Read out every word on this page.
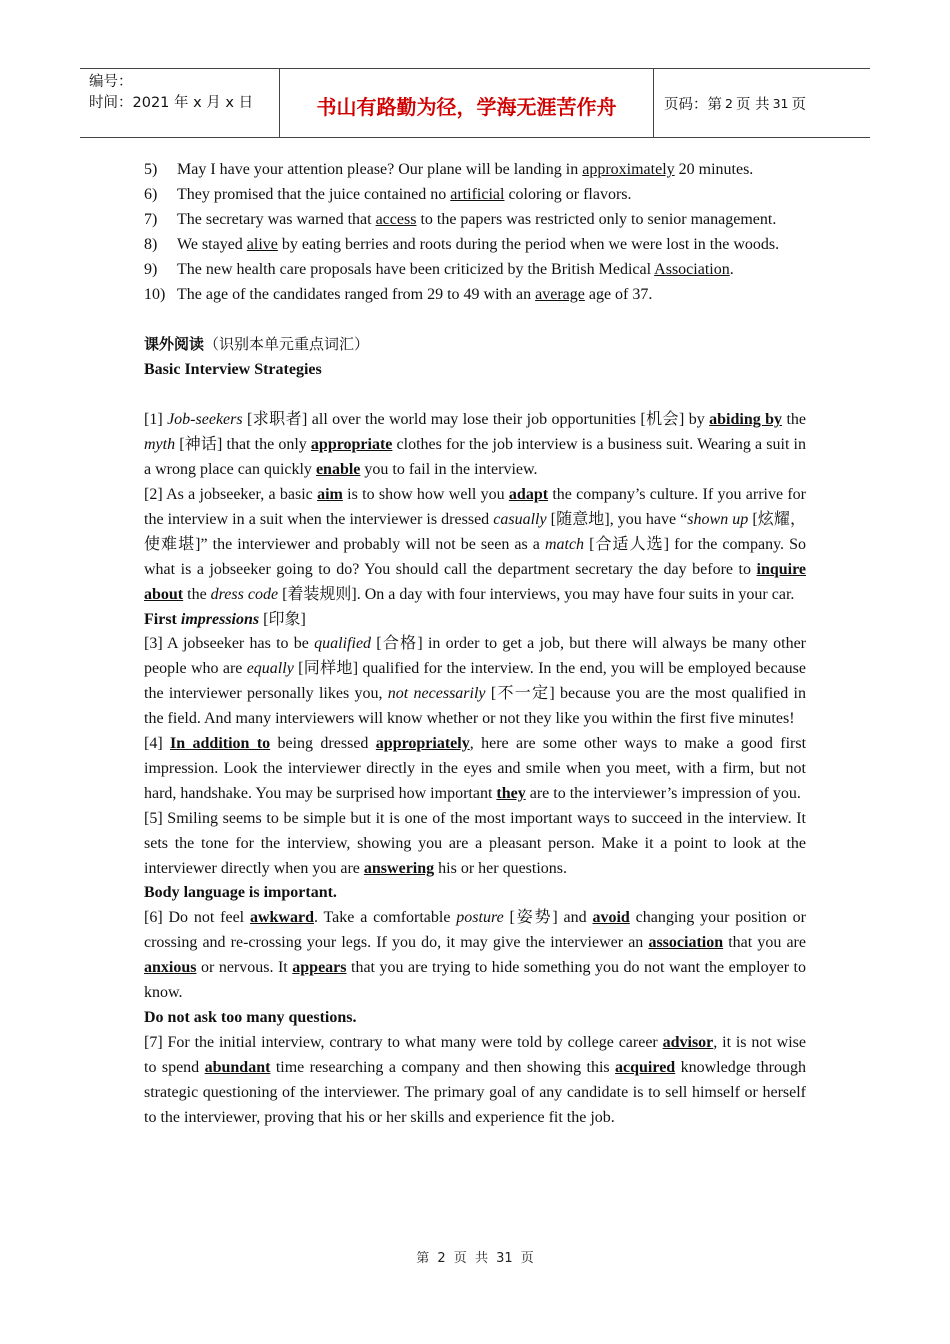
编号：
时间：2021 年 x 月 x 日	书山有路勤为径，学海无涯苦作舟	页码：第 2 页 共 31 页
5)	May I have your attention please? Our plane will be landing in approximately 20 minutes.
6)	They promised that the juice contained no artificial coloring or flavors.
7)	The secretary was warned that access to the papers was restricted only to senior management.
8) We stayed alive by eating berries and roots during the period when we were lost in the woods.
9)	The new health care proposals have been criticized by the British Medical Association.
10) The age of the candidates ranged from 29 to 49 with an average age of 37.

课外阅读（识别本单元重点词汇）

Basic Interview Strategies

[1] Job-seekers [求职者] all over the world may lose their job opportunities [机会] by abiding by the myth [神话] that the only appropriate clothes for the job interview is a business suit. Wearing a suit in a wrong place can quickly enable you to fail in the interview.

[2] As a jobseeker, a basic aim is to show how well you adapt the company’s culture. If you arrive for the interview in a suit when the interviewer is dressed casually [随意地], you have “shown up [炫耀，使难堪]” the interviewer and probably will not be seen as a match [合适人选] for the company. So what is a jobseeker going to do? You should call the department secretary the day before to inquire about the dress code [着装规则]. On a day with four interviews, you may have four suits in your car.

First impressions [印象]

[3] A jobseeker has to be qualified [合格] in order to get a job, but there will always be many other people who are equally [同样地] qualified for the interview. In the end, you will be employed because the interviewer personally likes you, not necessarily [不一定] because you are the most qualified in the field. And many interviewers will know whether or not they like you within the first five minutes!

[4] In addition to being dressed appropriately, here are some other ways to make a good first impression. Look the interviewer directly in the eyes and smile when you meet, with a firm, but not hard, handshake. You may be surprised how important they are to the interviewer’s impression of you.

[5] Smiling seems to be simple but it is one of the most important ways to succeed in the interview. It sets the tone for the interview, showing you are a pleasant person. Make it a point to look at the interviewer directly when you are answering his or her questions.

Body language is important.

[6] Do not feel awkward. Take a comfortable posture [姿势] and avoid changing your position or crossing and re-crossing your legs. If you do, it may give the interviewer an association that you are anxious or nervous. It appears that you are trying to hide something you do not want the employer to know.

Do not ask too many questions.

[7] For the initial interview, contrary to what many were told by college career advisor, it is not wise to spend abundant time researching a company and then showing this acquired knowledge through strategic questioning of the interviewer. The primary goal of any candidate is to sell himself or herself to the interviewer, proving that his or her skills and experience fit the job.

第 2 页 共 31 页
